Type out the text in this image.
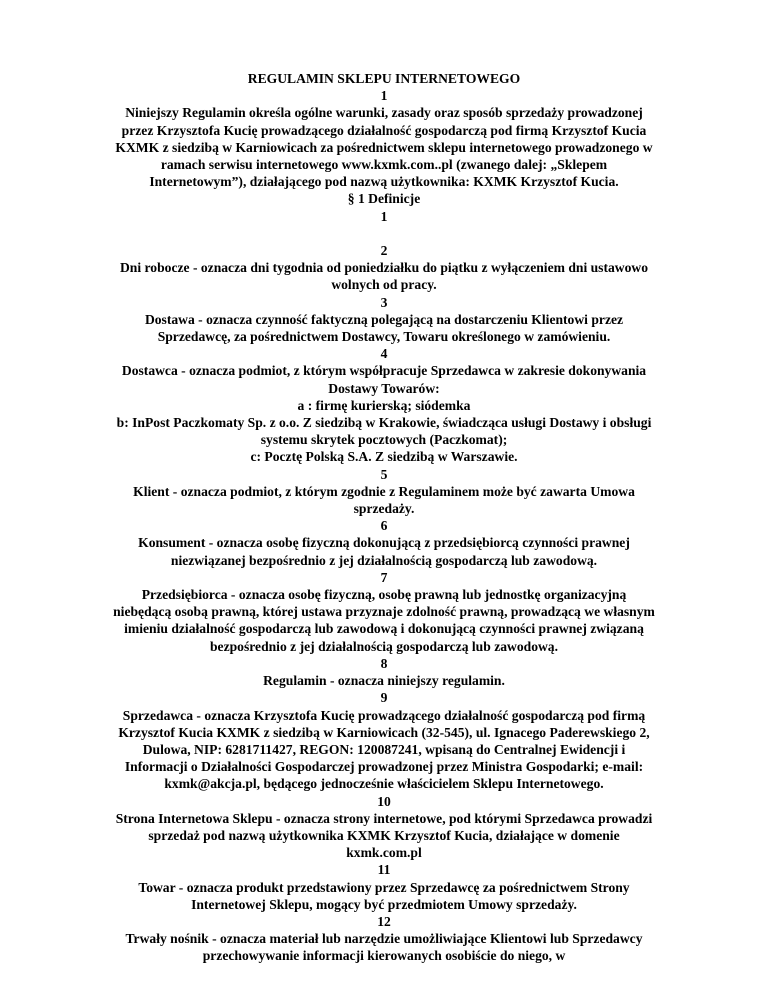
REGULAMIN SKLEPU INTERNETOWEGO
1
Niniejszy Regulamin określa ogólne warunki, zasady oraz sposób sprzedaży prowadzonej
przez Krzysztofa Kucię prowadzącego działalność gospodarczą pod firmą Krzysztof Kucia
KXMK z siedzibą w Karniowicach za pośrednictwem sklepu internetowego prowadzonego w
ramach serwisu internetowego www.kxmk.com..pl (zwanego dalej: „Sklepem
Internetowym”), działającego pod nazwą użytkownika: KXMK Krzysztof Kucia.
§ 1 Definicje
1
2
Dni robocze - oznacza dni tygodnia od poniedziałku do piątku z wyłączeniem dni ustawowo
wolnych od pracy.
3
Dostawa - oznacza czynność faktyczną polegającą na dostarczeniu Klientowi przez
Sprzedawcę, za pośrednictwem Dostawcy, Towaru określonego w zamówieniu.
4
Dostawca - oznacza podmiot, z którym współpracuje Sprzedawca w zakresie dokonywania
Dostawy Towarów:
a : firmę kurierską; siódemka
b: InPost Paczkomaty Sp. z o.o. Z siedzibą w Krakowie, świadcząca usługi Dostawy i obsługi
systemu skrytek pocztowych (Paczkomat);
c: Pocztę Polską S.A. Z siedzibą w Warszawie.
5
Klient - oznacza podmiot, z którym zgodnie z Regulaminem może być zawarta Umowa
sprzedaży.
6
Konsument - oznacza osobę fizyczną dokonującą z przedsiębiorcą czynności prawnej
niezwiązanej bezpośrednio z jej działalnością gospodarczą lub zawodową.
7
Przedsiębiorca - oznacza osobę fizyczną, osobę prawną lub jednostkę organizacyjną
niebędącą osobą prawną, której ustawa przyznaje zdolność prawną, prowadzącą we własnym
imieniu działalność gospodarczą lub zawodową i dokonującą czynności prawnej związaną
bezpośrednio z jej działalnością gospodarczą lub zawodową.
8
Regulamin - oznacza niniejszy regulamin.
9
Sprzedawca - oznacza Krzysztofa Kucię prowadzącego działalność gospodarczą pod firmą
Krzysztof Kucia KXMK z siedzibą w Karniowicach (32-545), ul. Ignacego Paderewskiego 2,
Dulowa, NIP: 6281711427, REGON: 120087241, wpisaną do Centralnej Ewidencji i
Informacji o Działalności Gospodarczej prowadzonej przez Ministra Gospodarki; e-mail:
kxmk@akcja.pl, będącego jednocześnie właścicielem Sklepu Internetowego.
10
Strona Internetowa Sklepu - oznacza strony internetowe, pod którymi Sprzedawca prowadzi
sprzedaż pod nazwą użytkownika KXMK Krzysztof Kucia, działające w domenie
kxmk.com.pl
11
Towar - oznacza produkt przedstawiony przez Sprzedawcę za pośrednictwem Strony
Internetowej Sklepu, mogący być przedmiotem Umowy sprzedaży.
12
Trwały nośnik - oznacza materiał lub narzędzie umożliwiające Klientowi lub Sprzedawcy
przechowywanie informacji kierowanych osobiście do niego, w
